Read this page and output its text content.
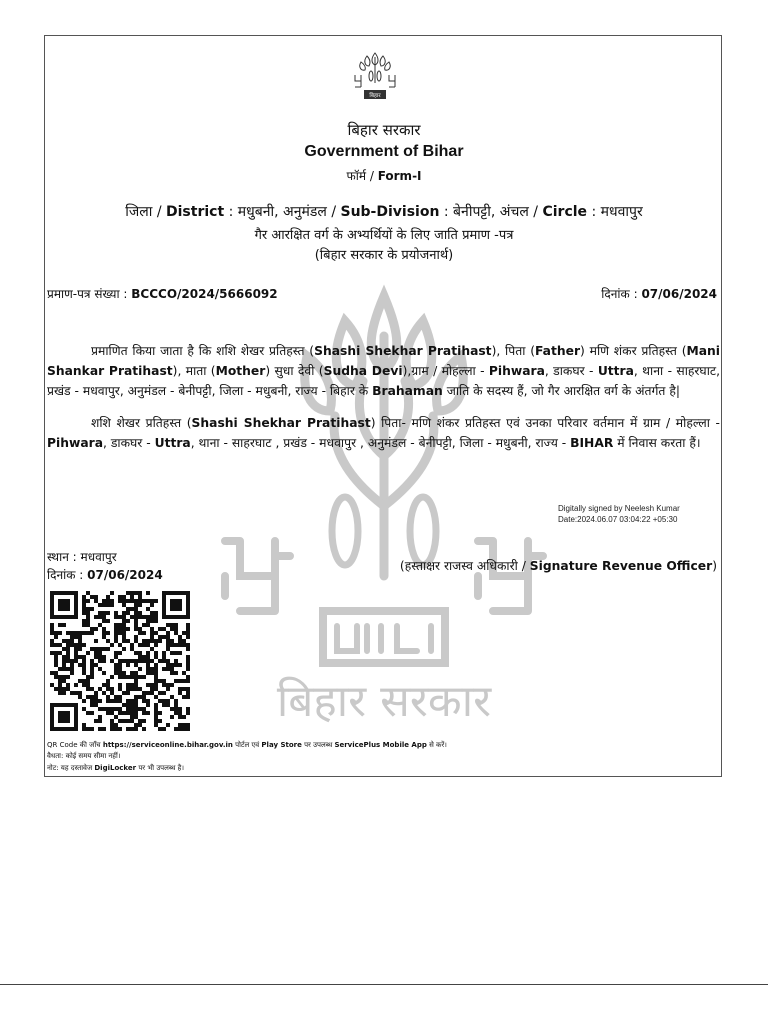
बिहार सरकार
बिहार
बिहार सरकार
Government of Bihar
फॉर्म / Form-I
जिला / District : मधुबनी, अनुमंडल / Sub-Division : बेनीपट्टी, अंचल / Circle : मधवापुर
गैर आरक्षित वर्ग के अभ्यर्थियों के लिए जाति प्रमाण -पत्र
(बिहार सरकार के प्रयोजनार्थ)
प्रमाण-पत्र संख्या : BCCCO/2024/5666092	दिनांक : 07/06/2024
प्रमाणित किया जाता है कि शशि शेखर प्रतिहस्त (Shashi Shekhar Pratihast), पिता (Father) मणि शंकर प्रतिहस्त (Mani Shankar Pratihast), माता (Mother) सुधा देवी (Sudha Devi),ग्राम / मोहल्ला - Pihwara, डाकघर - Uttra, थाना - साहरघाट, प्रखंड - मधवापुर, अनुमंडल - बेनीपट्टी, जिला - मधुबनी, राज्य - बिहार के Brahaman जाति के सदस्य हैं, जो गैर आरक्षित वर्ग के अंतर्गत है|
शशि शेखर प्रतिहस्त (Shashi Shekhar Pratihast) पिता- मणि शंकर प्रतिहस्त एवं उनका परिवार वर्तमान में ग्राम / मोहल्ला - Pihwara, डाकघर - Uttra, थाना - साहरघाट , प्रखंड - मधवापुर , अनुमंडल - बेनीपट्टी, जिला - मधुबनी, राज्य - BIHAR में निवास करता हैं।
Digitally signed by Neelesh Kumar
Date:2024.06.07 03:04:22 +05:30
स्थान : मधवापुर
दिनांक : 07/06/2024
(हस्ताक्षर राजस्व अधिकारी / Signature Revenue Officer)
QR Code की जाँच https://serviceonline.bihar.gov.in पोर्टल एवं Play Store पर उपलब्ध ServicePlus Mobile App से करें।
वैधता: कोई समय सीमा नहीं।
नोट: यह दस्तावेज DigiLocker पर भी उपलब्ध है।
